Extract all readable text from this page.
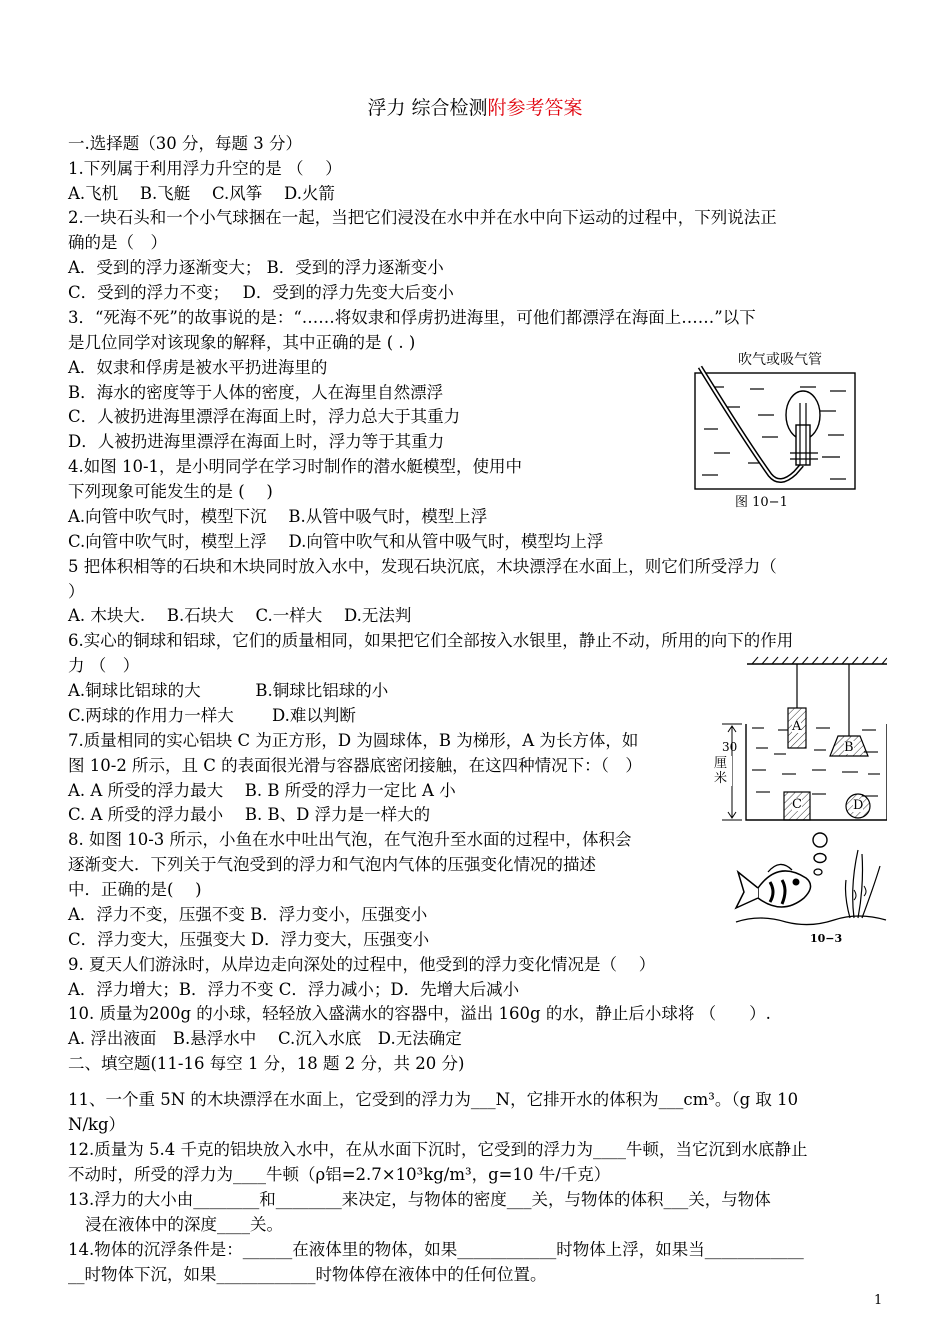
浮力 综合检测附参考答案
一.选择题（30 分，每题 3 分）
1.下列属于利用浮力升空的是 （　 ）
A.飞机　 B.飞艇　 C.风筝　 D.火箭
2.一块石头和一个小气球捆在一起，当把它们浸没在水中并在水中向下运动的过程中，下列说法正
确的是（　）
A．受到的浮力逐渐变大； B．受到的浮力逐渐变小
C．受到的浮力不变；　 D．受到的浮力先变大后变小
3．“死海不死”的故事说的是：“……将奴隶和俘虏扔进海里，可他们都漂浮在海面上……”以下
是几位同学对该现象的解释，其中正确的是 ( . )
A．奴隶和俘虏是被水平扔进海里的
B．海水的密度等于人体的密度，人在海里自然漂浮
C．人被扔进海里漂浮在海面上时，浮力总大于其重力
D．人被扔进海里漂浮在海面上时，浮力等于其重力
4.如图 10-1，是小明同学在学习时制作的潜水艇模型，使用中
下列现象可能发生的是 (　 )
A.向管中吹气时，模型下沉　 B.从管中吸气时，模型上浮
C.向管中吹气时，模型上浮　 D.向管中吹气和从管中吸气时，模型均上浮
5 把体积相等的石块和木块同时放入水中，发现石块沉底，木块漂浮在水面上，则它们所受浮力（
）
A. 木块大.　 B.石块大　 C.一样大　 D.无法判
6.实心的铜球和铝球，它们的质量相同，如果把它们全部按入水银里，静止不动，所用的向下的作用
力 （　）
A.铜球比铝球的大　　　 B.铜球比铝球的小
C.两球的作用力一样大　　 D.难以判断
7.质量相同的实心铝块 C 为正方形，D 为圆球体，B 为梯形，A 为长方体，如
图 10-2 所示，且 C 的表面很光滑与容器底密闭接触，在这四种情况下：（　）
A. A 所受的浮力最大　 B. B 所受的浮力一定比 A 小
C. A 所受的浮力最小　 B. B、D 浮力是一样大的
8. 如图 10-3 所示，小鱼在水中吐出气泡，在气泡升至水面的过程中，体积会
逐渐变大．下列关于气泡受到的浮力和气泡内气体的压强变化情况的描述
中．正确的是(　 )
A．浮力不变，压强不变 B．浮力变小，压强变小
C．浮力变大，压强变大 D．浮力变大，压强变小
9. 夏天人们游泳时，从岸边走向深处的过程中，他受到的浮力变化情况是（　 ）
A．浮力增大；B．浮力不变 C．浮力减小；D．先增大后减小
10. 质量为200g 的小球，轻轻放入盛满水的容器中，溢出 160g 的水，静止后小球将 （　　）.
A. 浮出液面　B.悬浮水中　 C.沉入水底　D.无法确定
二、填空题(11-16 每空 1 分，18 题 2 分，共 20 分)
11、一个重 5N 的木块漂浮在水面上，它受到的浮力为___N，它排开水的体积为___cm³。（g 取 10
N/kg）
12.质量为 5.4 千克的铝块放入水中，在从水面下沉时，它受到的浮力为____牛顿，当它沉到水底静止
不动时，所受的浮力为____牛顿（ρ铝=2.7×10³kg/m³，g=10 牛/千克）
13.浮力的大小由________和________来决定，与物体的密度___关，与物体的体积___关，与物体
浸在液体中的深度____关。
14.物体的沉浮条件是：______在液体里的物体，如果____________时物体上浮，如果当____________
__时物体下沉，如果____________时物体停在液体中的任何位置。
吹气或吸气管
图 10−1
30
厘米
A
B
C	D
10−3
1
